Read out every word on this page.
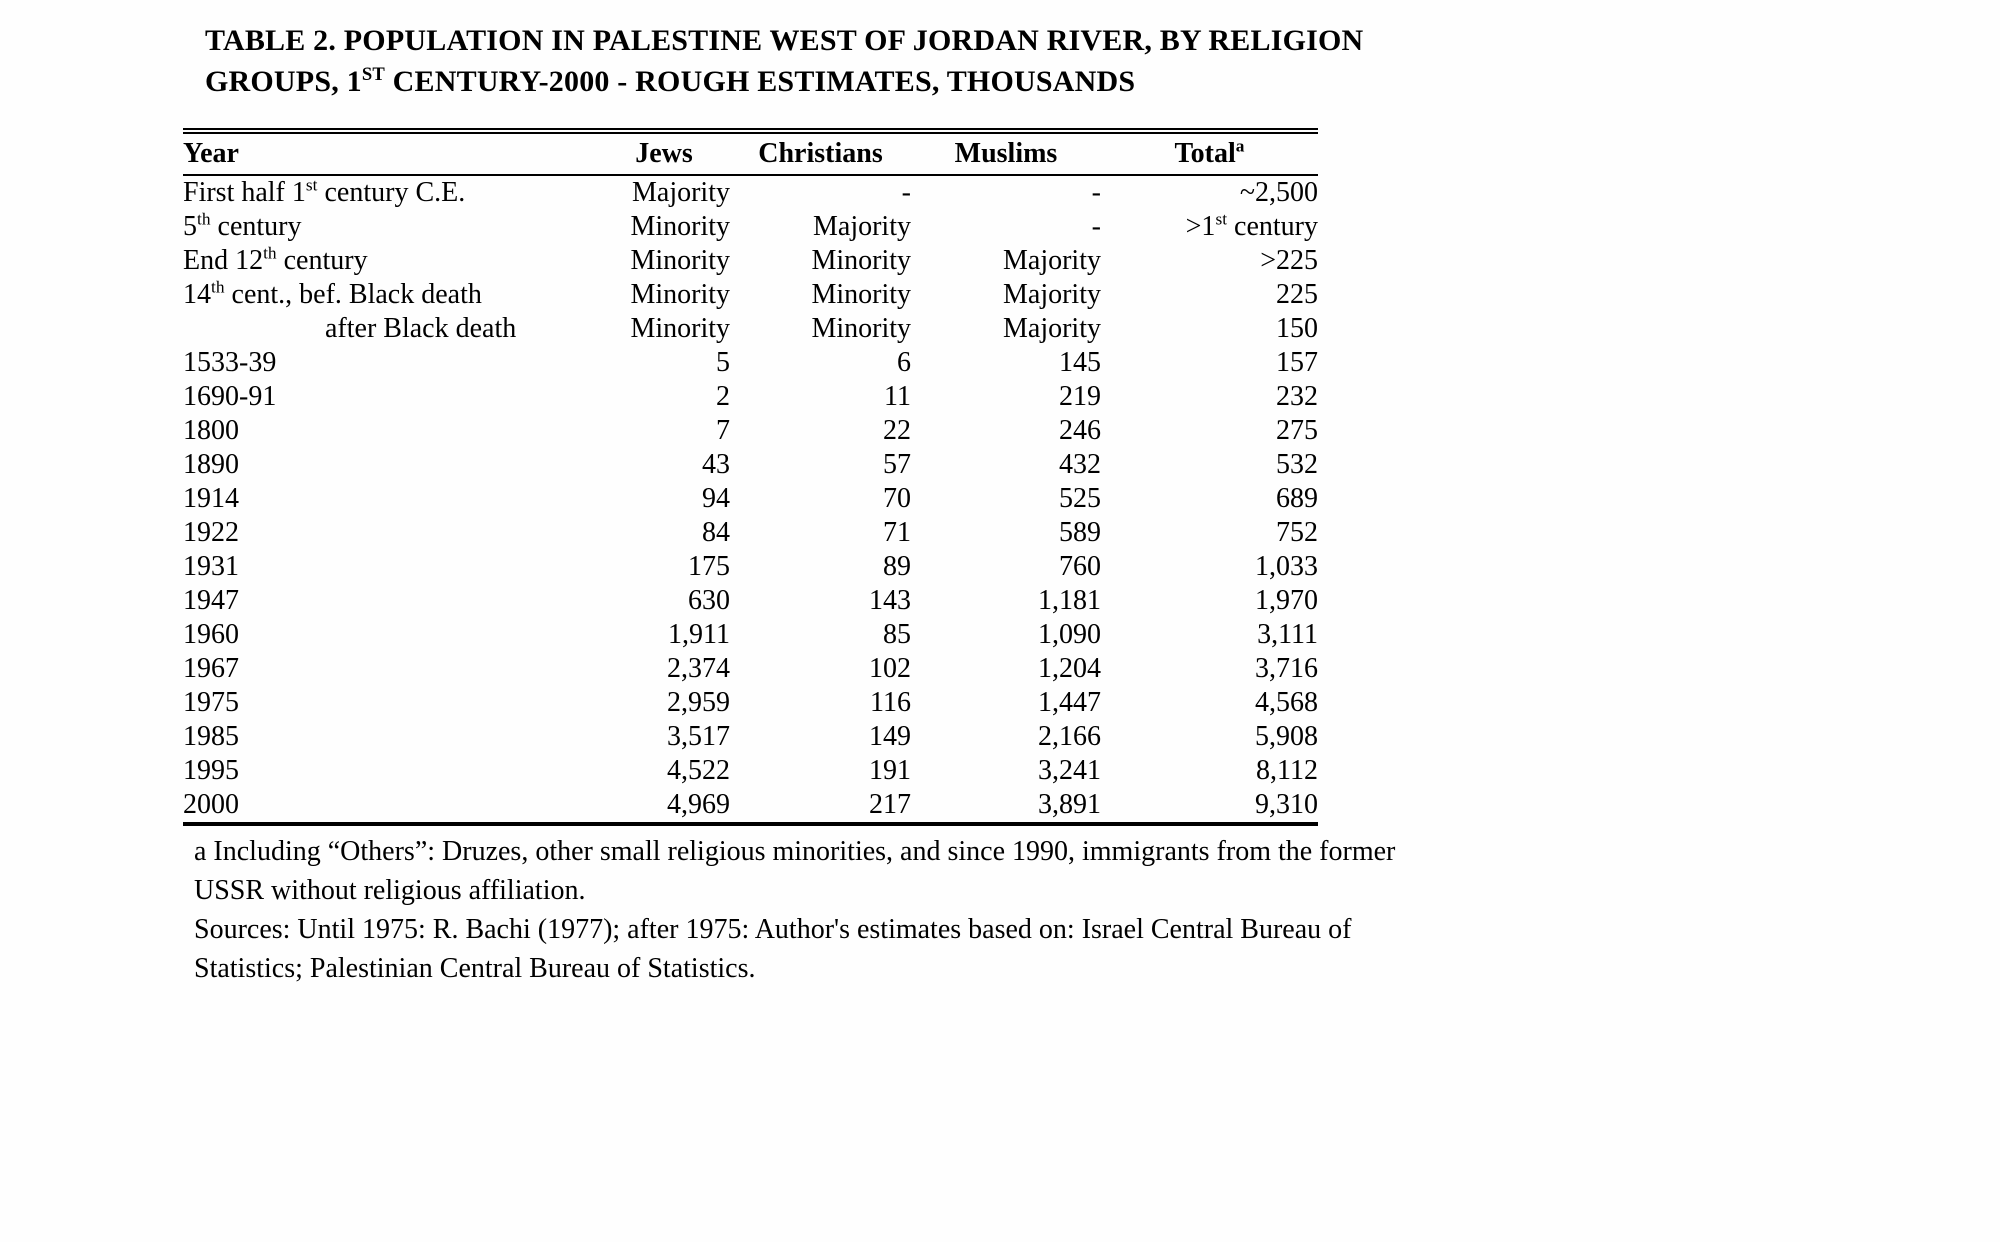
TABLE 2. POPULATION IN PALESTINE WEST OF JORDAN RIVER, BY RELIGION GROUPS, 1ST CENTURY-2000 - ROUGH ESTIMATES, THOUSANDS
Year	Jews	Christians	Muslims	Total$^a$
First half 1st century C.E.	Majority	-	-	~2,500
5th century	Minority	Majority	-	>1st century
End 12th century	Minority	Minority	Majority	>225
14th cent., bef. Black death	Minority	Minority	Majority	225
after Black death	Minority	Minority	Majority	150
1533-39	5	6	145	157
1690-91	2	11	219	232
1800	7	22	246	275
1890	43	57	432	532
1914	94	70	525	689
1922	84	71	589	752
1931	175	89	760	1,033
1947	630	143	1,181	1,970
1960	1,911	85	1,090	3,111
1967	2,374	102	1,204	3,716
1975	2,959	116	1,447	4,568
1985	3,517	149	2,166	5,908
1995	4,522	191	3,241	8,112
2000	4,969	217	3,891	9,310

a Including “Others”: Druzes, other small religious minorities, and since 1990, immigrants from the former USSR without religious affiliation.

Sources: Until 1975: R. Bachi (1977); after 1975: Author's estimates based on: Israel Central Bureau of Statistics; Palestinian Central Bureau of Statistics.
